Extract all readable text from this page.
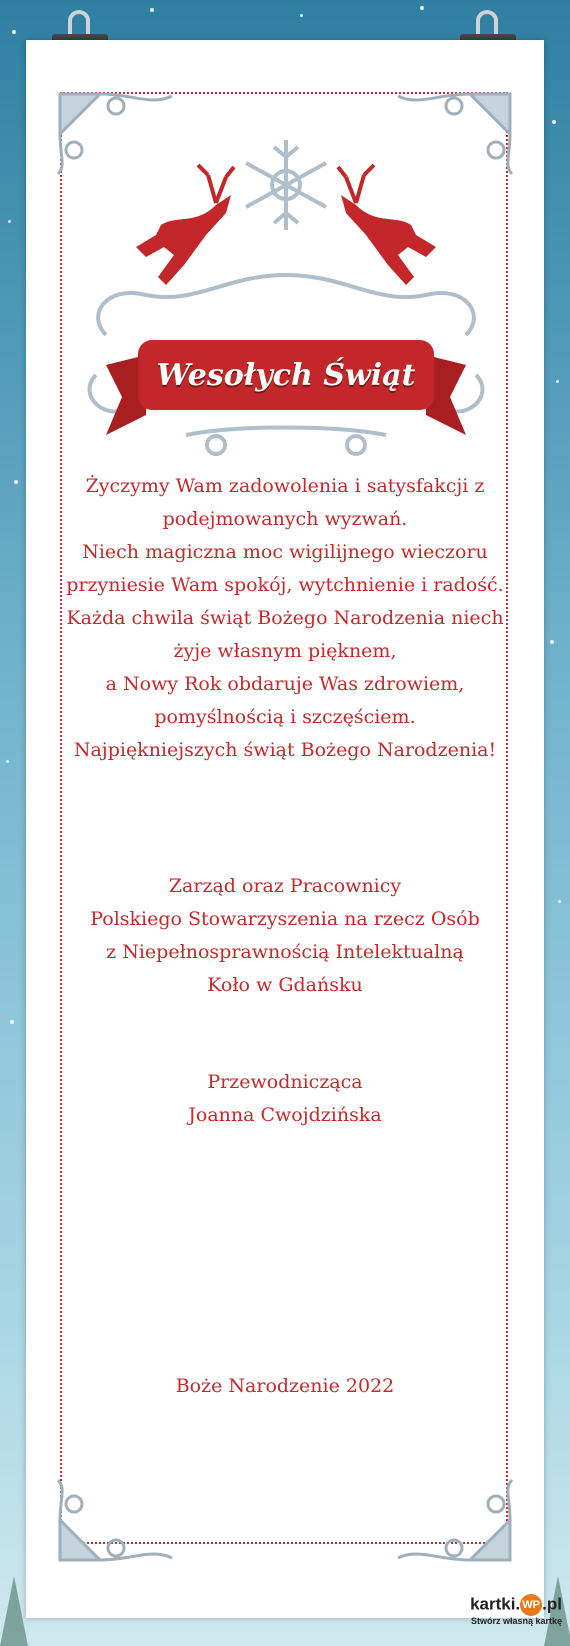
Wesołych Świąt
Życzymy Wam zadowolenia i satysfakcji z
podejmowanych wyzwań.
Niech magiczna moc wigilijnego wieczoru
przyniesie Wam spokój, wytchnienie i radość.
Każda chwila świąt Bożego Narodzenia niech
żyje własnym pięknem,
a Nowy Rok obdaruje Was zdrowiem,
pomyślnością i szczęściem.
Najpiękniejszych świąt Bożego Narodzenia!
Zarząd oraz Pracownicy
Polskiego Stowarzyszenia na rzecz Osób
z Niepełnosprawnością Intelektualną
Koło w Gdańsku
Przewodnicząca
Joanna Cwojdzińska
Boże Narodzenie 2022
kartki. WP .pl
Stwórz własną kartkę
